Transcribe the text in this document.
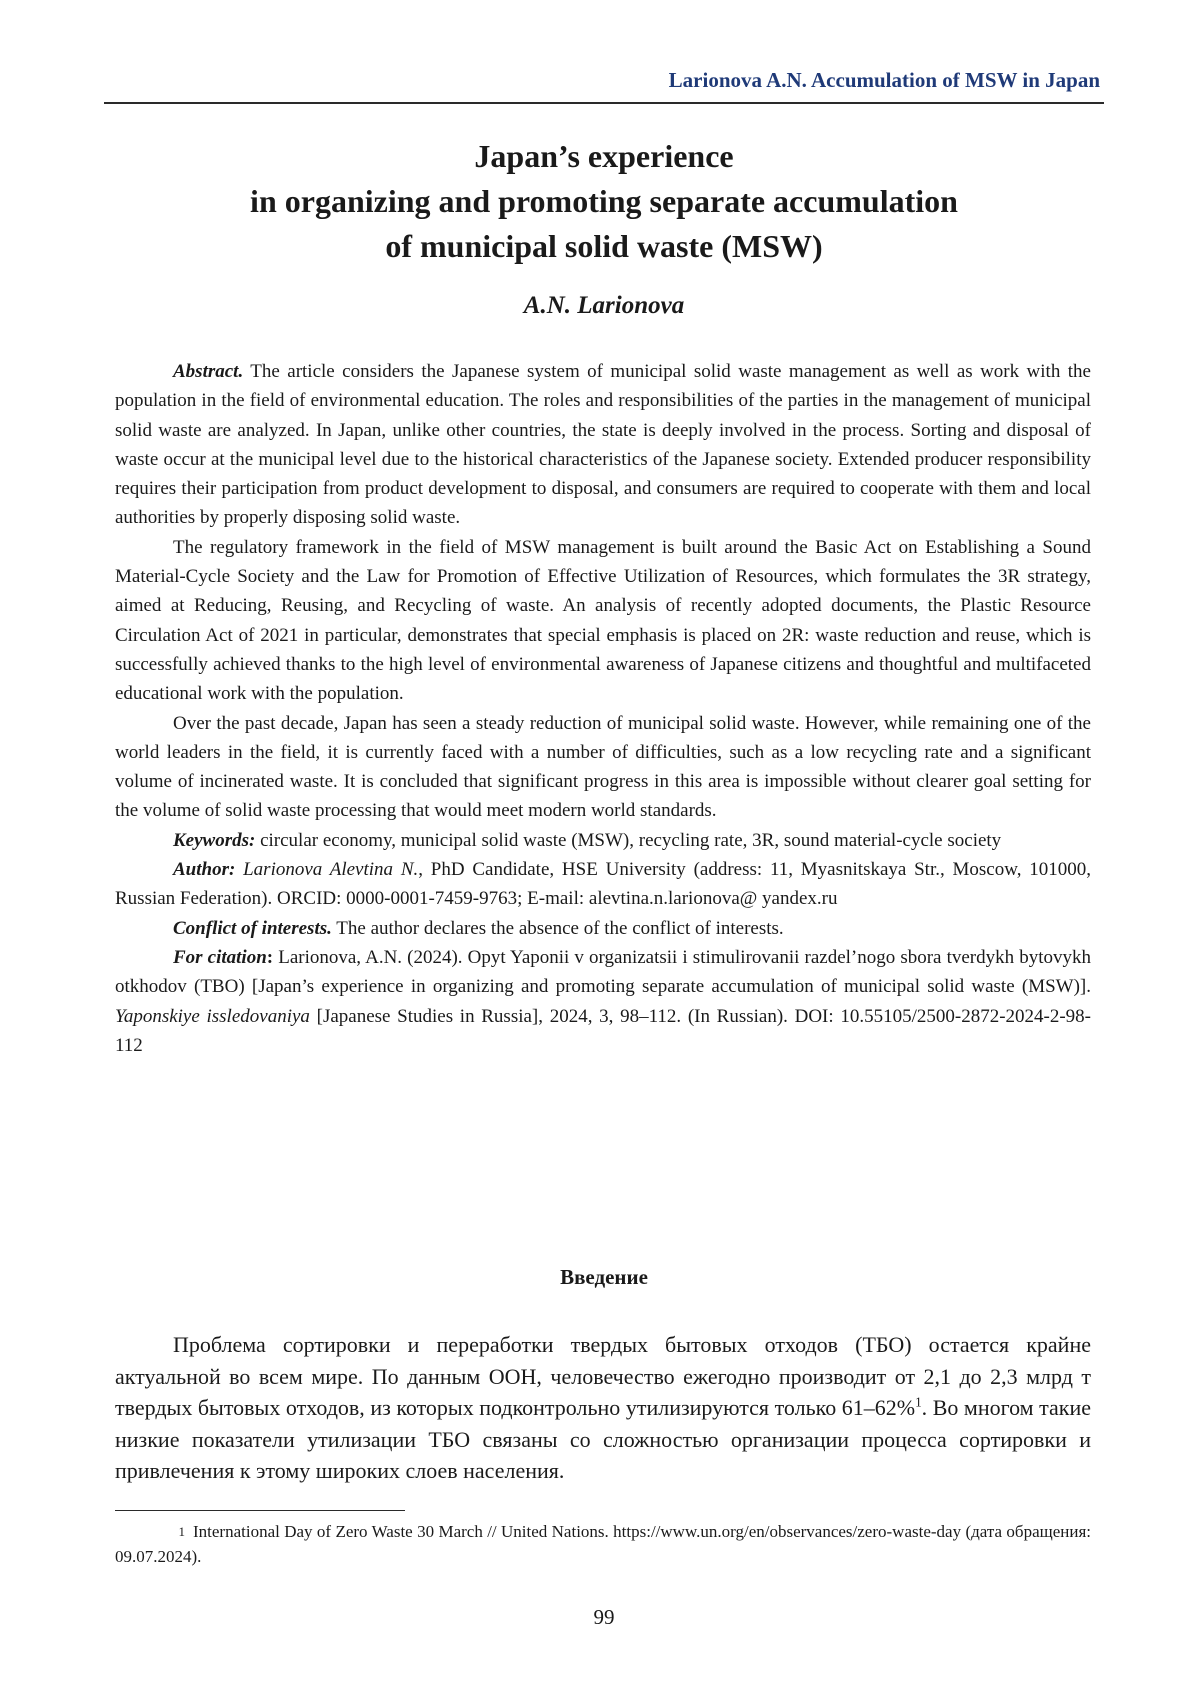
Larionova A.N. Accumulation of MSW in Japan
Japan’s experience
in organizing and promoting separate accumulation
of municipal solid waste (MSW)
A.N. Larionova

Abstract. The article considers the Japanese system of municipal solid waste management as well as work with the population in the field of environmental education. The roles and responsibilities of the parties in the management of municipal solid waste are analyzed. In Japan, unlike other countries, the state is deeply involved in the process. Sorting and disposal of waste occur at the municipal level due to the historical characteristics of the Japanese society. Extended producer responsibility requires their participation from product development to disposal, and consumers are required to cooperate with them and local authorities by properly disposing solid waste.

The regulatory framework in the field of MSW management is built around the Basic Act on Establishing a Sound Material-Cycle Society and the Law for Promotion of Effective Utilization of Resources, which formulates the 3R strategy, aimed at Reducing, Reusing, and Recycling of waste. An analysis of recently adopted documents, the Plastic Resource Circulation Act of 2021 in particular, demonstrates that special emphasis is placed on 2R: waste reduction and reuse, which is successfully achieved thanks to the high level of environmental awareness of Japanese citizens and thoughtful and multifaceted educational work with the population.

Over the past decade, Japan has seen a steady reduction of municipal solid waste. However, while remaining one of the world leaders in the field, it is currently faced with a number of difficulties, such as a low recycling rate and a significant volume of incinerated waste. It is concluded that significant progress in this area is impossible without clearer goal setting for the volume of solid waste processing that would meet modern world standards.

Keywords: circular economy, municipal solid waste (MSW), recycling rate, 3R, sound material-cycle society

Author: Larionova Alevtina N., PhD Candidate, HSE University (address: 11, Myasnitskaya Str., Moscow, 101000, Russian Federation). ORCID: 0000-0001-7459-9763; E-mail: alevtina.n.larionova@ yandex.ru

Conflict of interests. The author declares the absence of the conflict of interests.

For citation: Larionova, A.N. (2024). Opyt Yaponii v organizatsii i stimulirovanii razdel’nogo sbora tverdykh bytovykh otkhodov (TBO) [Japan’s experience in organizing and promoting separate accumulation of municipal solid waste (MSW)]. Yaponskiye issledovaniya [Japanese Studies in Russia], 2024, 3, 98–112. (In Russian). DOI: 10.55105/2500-2872-2024-2-98-112

Введение

Проблема сортировки и переработки твердых бытовых отходов (ТБО) остается крайне актуальной во всем мире. По данным ООН, человечество ежегодно производит от 2,1 до 2,3 млрд т твердых бытовых отходов, из которых подконтрольно утилизируются только 61–62%$^1$. Во многом такие низкие показатели утилизации ТБО связаны со сложностью организации процесса сортировки и привлечения к этому широких слоев населения.

1 International Day of Zero Waste 30 March // United Nations. https://www.un.org/en/observances/zero-waste-day (дата обращения: 09.07.2024).
99
